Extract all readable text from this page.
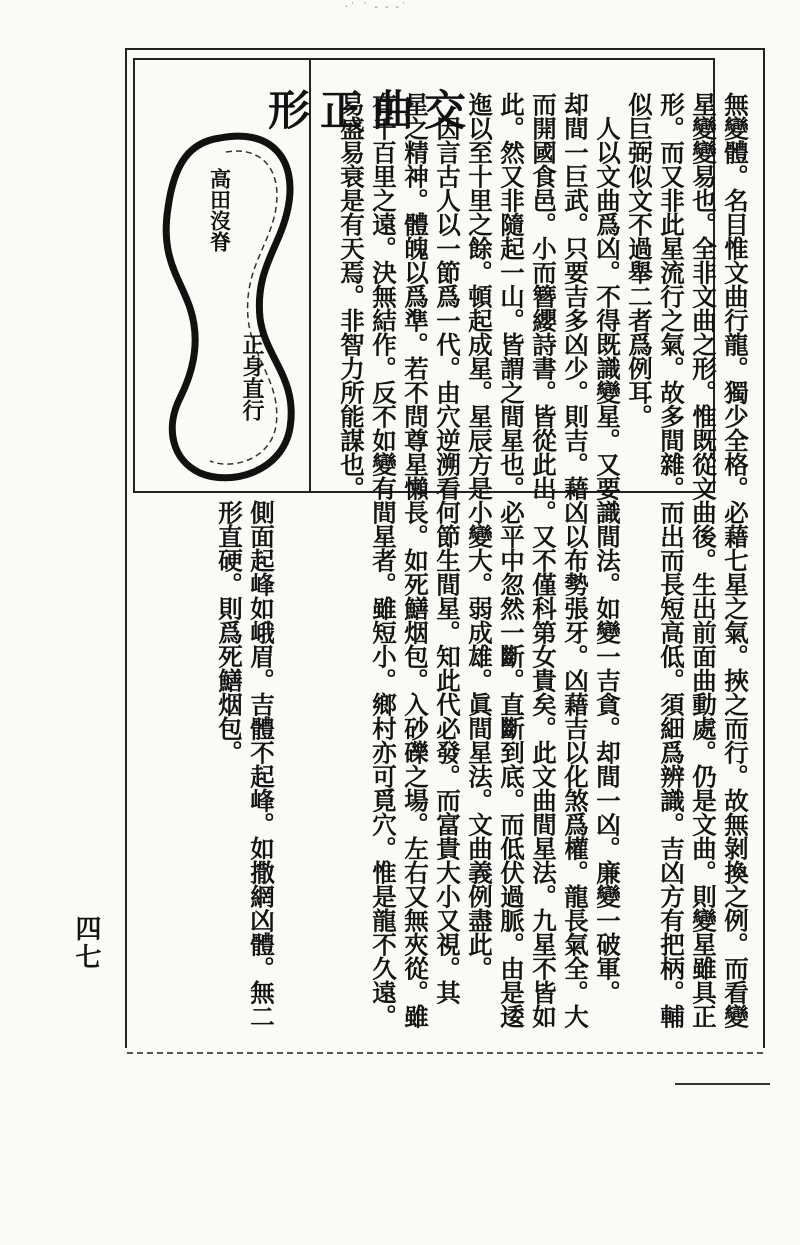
·˙ ˙ - - -˙
無變體。名目惟文曲行龍。獨少全格。必藉七星之氣。挾之而行。故無剝換之例。而看變
星變變易也。全非文曲之形。惟既從文曲後。生出前面曲動處。仍是文曲。則變星雖具正
形。而又非此星流行之氣。故多間雜。而出而長短高低。須細爲辨識。吉凶方有把柄。輔
似巨弼似文不過舉二者爲例耳。
　人以文曲爲凶。不得既識變星。又要識間法。如變一吉貪。却間一凶。廉變一破軍。
却間一巨武。只要吉多凶少。則吉。藉凶以布勢張牙。凶藉吉以化煞爲權。龍長氣全。大
而開國食邑。小而簪纓詩書。皆從此出。又不僅科第女貴矣。此文曲間星法。九星不皆如
此。然又非隨起一山。皆謂之間星也。必平中忽然一斷。直斷到底。而低伏過脈。由是逶
迤以至十里之餘。頓起成星。星辰方是小變大。弱成雄。眞間星法。文曲義例盡此。
　因言古人以一節爲一代。由穴逆溯看何節生間星。知此代必發。而富貴大小又視。其
星之精神。體魄以爲準。若不問尊星懶長。如死鱔烟包。入砂礫之場。左右又無夾從。雖
有千百里之遠。決無結作。反不如變有間星者。雖短小。鄉村亦可覓穴。惟是龍不久遠。
易盛易衰是有天焉。非智力所能謀也。
形正曲交
高田沒脊
正身直行
側面起峰如峨眉。吉體不起峰。如撒網凶體。無二
形直硬。則爲死鱔烟包。
四七
